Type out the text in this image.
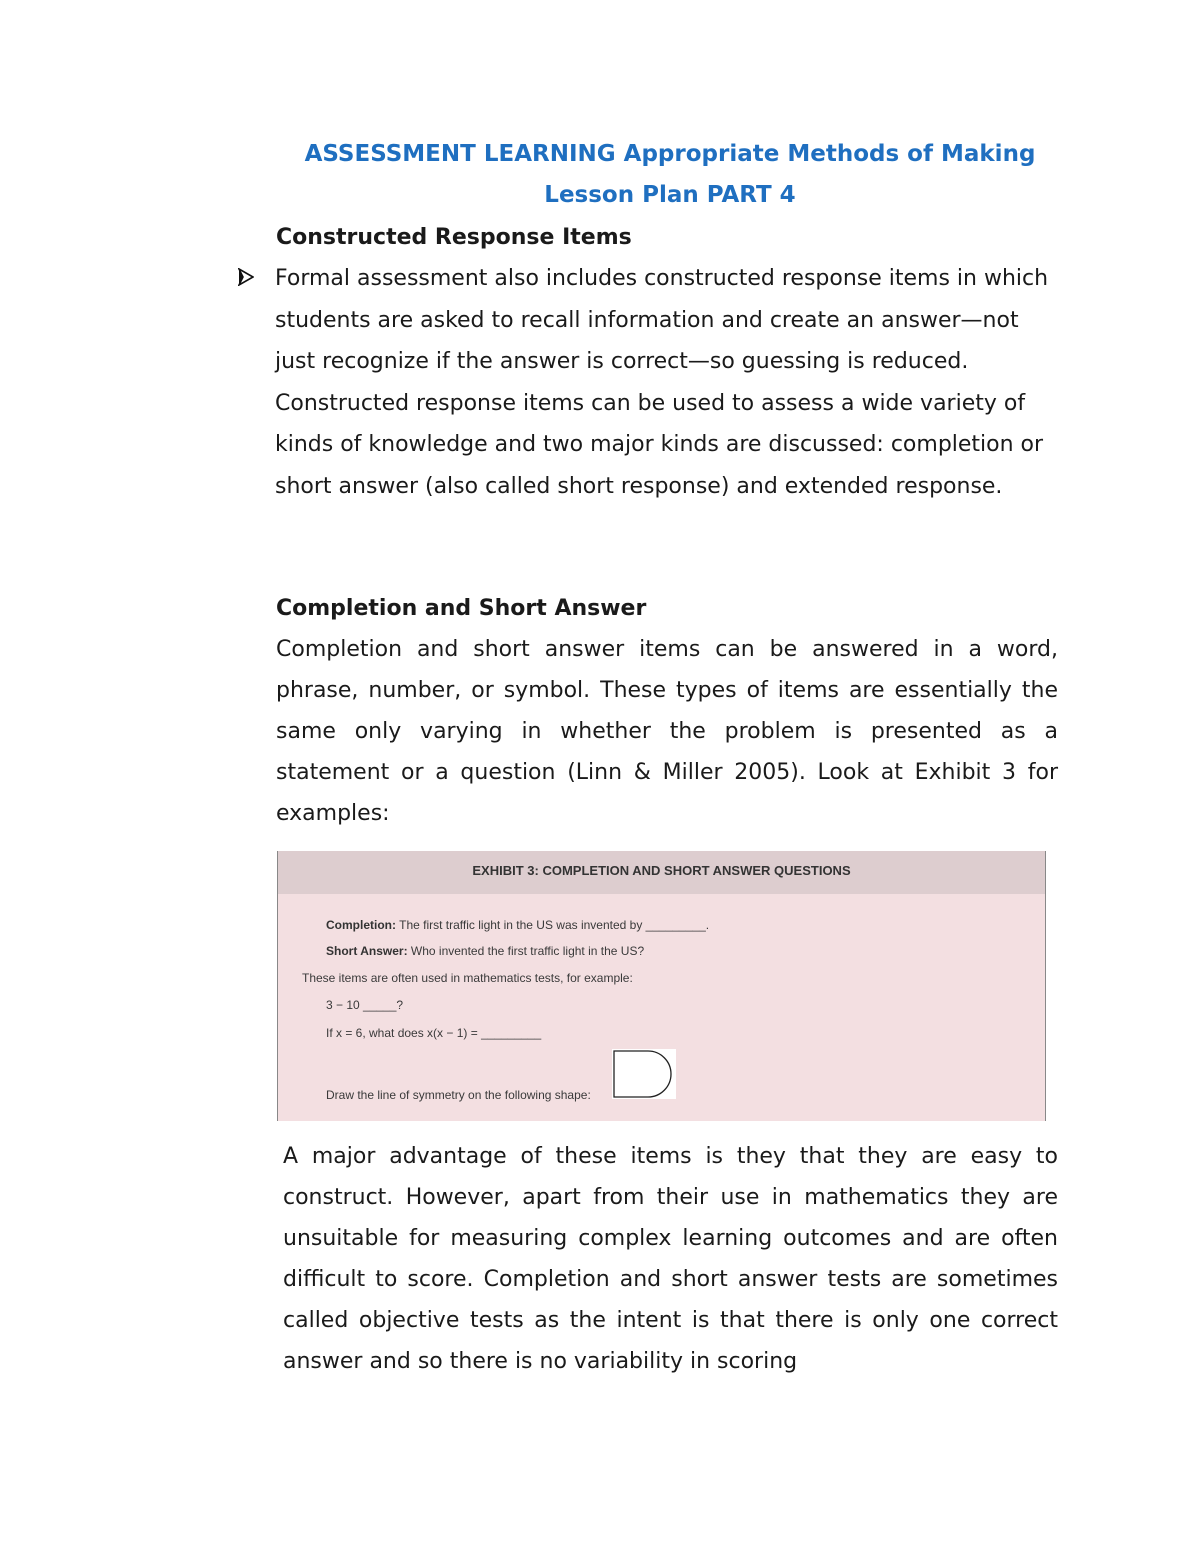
ASSESSMENT LEARNING Appropriate Methods of Making
Lesson Plan PART 4
Constructed Response Items

Formal assessment also includes constructed response items in which students are asked to recall information and create an answer—not just recognize if the answer is correct—so guessing is reduced. Constructed response items can be used to assess a wide variety of kinds of knowledge and two major kinds are discussed: completion or short answer (also called short response) and extended response.

Completion and Short Answer

Completion and short answer items can be answered in a word, phrase, number, or symbol. These types of items are essentially the same only varying in whether the problem is presented as a statement or a question (Linn & Miller 2005). Look at Exhibit 3 for examples:

EXHIBIT 3: COMPLETION AND SHORT ANSWER QUESTIONS
Completion: The first traffic light in the US was invented by _________.
Short Answer: Who invented the first traffic light in the US?
These items are often used in mathematics tests, for example:
3 − 10 _____?
If x = 6, what does x(x − 1) = _________
Draw the line of symmetry on the following shape:

A major advantage of these items is they that they are easy to construct. However, apart from their use in mathematics they are unsuitable for measuring complex learning outcomes and are often difficult to score. Completion and short answer tests are sometimes called objective tests as the intent is that there is only one correct answer and so there is no variability in scoring
